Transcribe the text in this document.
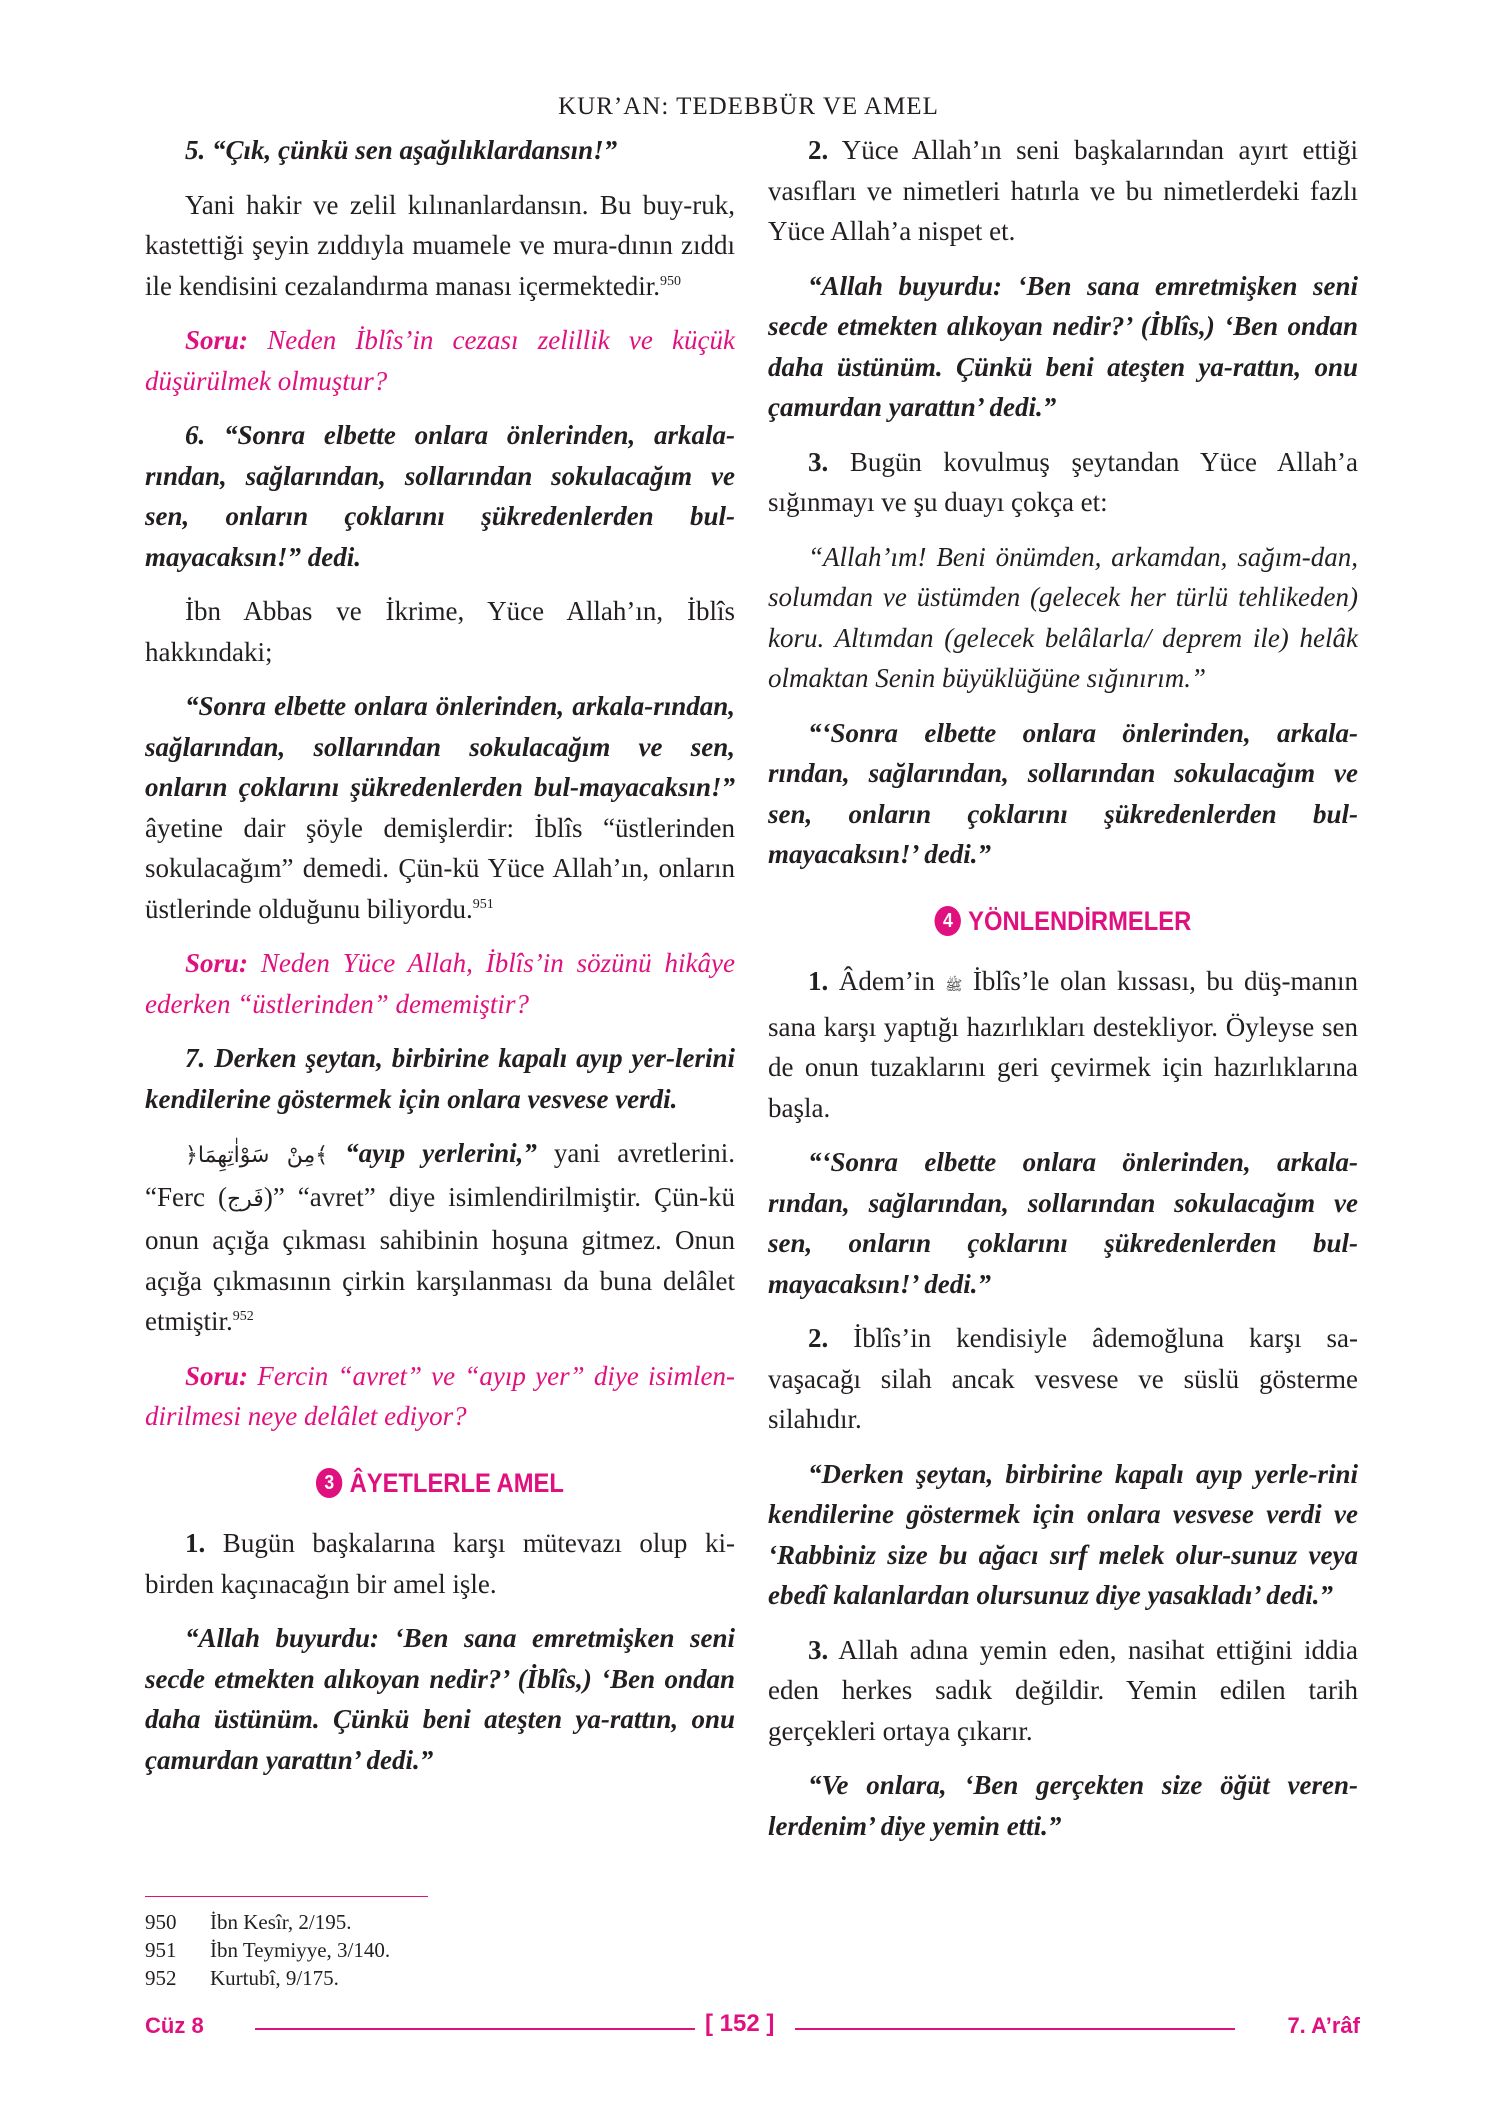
KUR’AN: TEDEBBÜR VE AMEL

5. “Çık, çünkü sen aşağılıklardansın!”

Yani hakir ve zelil kılınanlardansın. Bu buy-ruk, kastettiği şeyin zıddıyla muamele ve mura-dının zıddı ile kendisini cezalandırma manası içermektedir.$^{950}$

Soru: Neden İblîs’in cezası zelillik ve küçük düşürülmek olmuştur?

6. “Sonra elbette onlara önlerinden, arkala-rından, sağlarından, sollarından sokulacağım ve sen, onların çoklarını şükredenlerden bul-mayacaksın!” dedi.

İbn Abbas ve İkrime, Yüce Allah’ın, İblîs hakkındaki;

“Sonra elbette onlara önlerinden, arkala-rından, sağlarından, sollarından sokulacağım ve sen, onların çoklarını şükredenlerden bul-mayacaksın!” âyetine dair şöyle demişlerdir: İblîs “üstlerinden sokulacağım” demedi. Çün-kü Yüce Allah’ın, onların üstlerinde olduğunu biliyordu.$^{951}$

Soru: Neden Yüce Allah, İblîs’in sözünü hikâye ederken “üstlerinden” dememiştir?

7. Derken şeytan, birbirine kapalı ayıp yer-lerini kendilerine göstermek için onlara vesvese verdi.

﴿مِنْ سَوْاٰتِهِمَا﴾ “ayıp yerlerini,” yani avretlerini. “Ferc (فَرج)” “avret” diye isimlendirilmiştir. Çün-kü onun açığa çıkması sahibinin hoşuna gitmez. Onun açığa çıkmasının çirkin karşılanması da buna delâlet etmiştir.$^{952}$

Soru: Fercin “avret” ve “ayıp yer” diye isimlen-dirilmesi neye delâlet ediyor?

3 ÂYETLERLE AMEL

1. Bugün başkalarına karşı mütevazı olup ki-birden kaçınacağın bir amel işle.

“Allah buyurdu: ‘Ben sana emretmişken seni secde etmekten alıkoyan nedir?’ (İblîs,) ‘Ben ondan daha üstünüm. Çünkü beni ateşten ya-rattın, onu çamurdan yarattın’ dedi.”

2. Yüce Allah’ın seni başkalarından ayırt ettiği vasıfları ve nimetleri hatırla ve bu nimetlerdeki fazlı Yüce Allah’a nispet et.

“Allah buyurdu: ‘Ben sana emretmişken seni secde etmekten alıkoyan nedir?’ (İblîs,) ‘Ben ondan daha üstünüm. Çünkü beni ateşten ya-rattın, onu çamurdan yarattın’ dedi.”

3. Bugün kovulmuş şeytandan Yüce Allah’a sığınmayı ve şu duayı çokça et:

“Allah’ım! Beni önümden, arkamdan, sağım-dan, solumdan ve üstümden (gelecek her türlü tehlikeden) koru. Altımdan (gelecek belâlarla/ deprem ile) helâk olmaktan Senin büyüklüğüne sığınırım.”

“‘Sonra elbette onlara önlerinden, arkala-rından, sağlarından, sollarından sokulacağım ve sen, onların çoklarını şükredenlerden bul-mayacaksın!’ dedi.”

4 YÖNLENDİRMELER

1. Âdem’in ﷺ İblîs’le olan kıssası, bu düş-manın sana karşı yaptığı hazırlıkları destekliyor. Öyleyse sen de onun tuzaklarını geri çevirmek için hazırlıklarına başla.

“‘Sonra elbette onlara önlerinden, arkala-rından, sağlarından, sollarından sokulacağım ve sen, onların çoklarını şükredenlerden bul-mayacaksın!’ dedi.”

2. İblîs’in kendisiyle âdemoğluna karşı sa-vaşacağı silah ancak vesvese ve süslü gösterme silahıdır.

“Derken şeytan, birbirine kapalı ayıp yerle-rini kendilerine göstermek için onlara vesvese verdi ve ‘Rabbiniz size bu ağacı sırf melek olur-sunuz veya ebedî kalanlardan olursunuz diye yasakladı’ dedi.”

3. Allah adına yemin eden, nasihat ettiğini iddia eden herkes sadık değildir. Yemin edilen tarih gerçekleri ortaya çıkarır.

“Ve onlara, ‘Ben gerçekten size öğüt veren-lerdenim’ diye yemin etti.”

950	İbn Kesîr, 2/195.
951	İbn Teymiyye, 3/140.
952	Kurtubî, 9/175.
Cüz 8	[ 152 ]	7. A’râf
